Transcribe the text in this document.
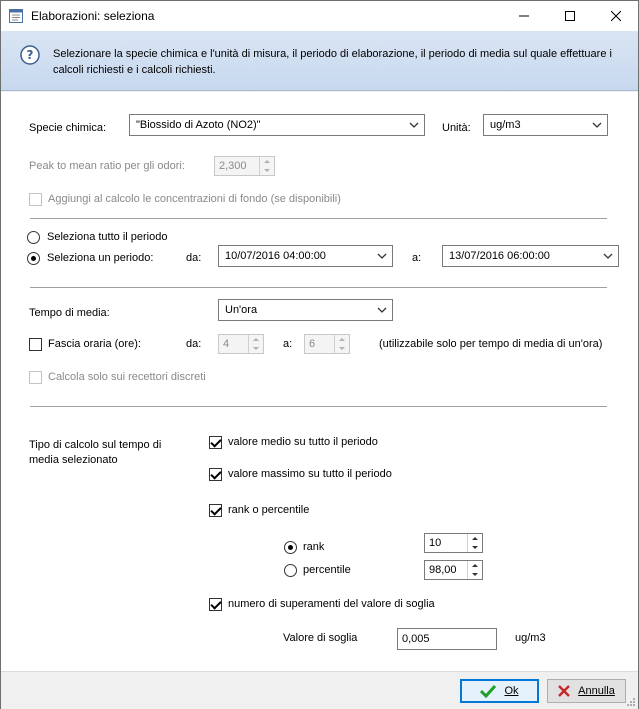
Elaborazioni: seleziona
? Selezionare la specie chimica e l'unità di misura, il periodo di elaborazione, il periodo di media sul quale effettuare i calcoli richiesti e i calcoli richiesti.
Specie chimica:	"Biossido di Azoto (NO2)"	Unità: ug/m3
Peak to mean ratio per gli odori:	2,300
Aggiungi al calcolo le concentrazioni di fondo (se disponibili)
Seleziona tutto il periodo
Seleziona un periodo:	da: 10/07/2016 04:00:00	a:	13/07/2016 06:00:00
Tempo di media:	Un'ora
Fascia oraria (ore):	da: 4	a: 6	(utilizzabile solo per tempo di media di un'ora)
Calcola solo sui recettori discreti
Tipo di calcolo sul tempo di media selezionato
valore medio su tutto il periodo
valore massimo su tutto il periodo
rank o percentile
rank	10
percentile	98,00
numero di superamenti del valore di soglia
Valore di soglia	0,005	ug/m3
Ok	Annulla
